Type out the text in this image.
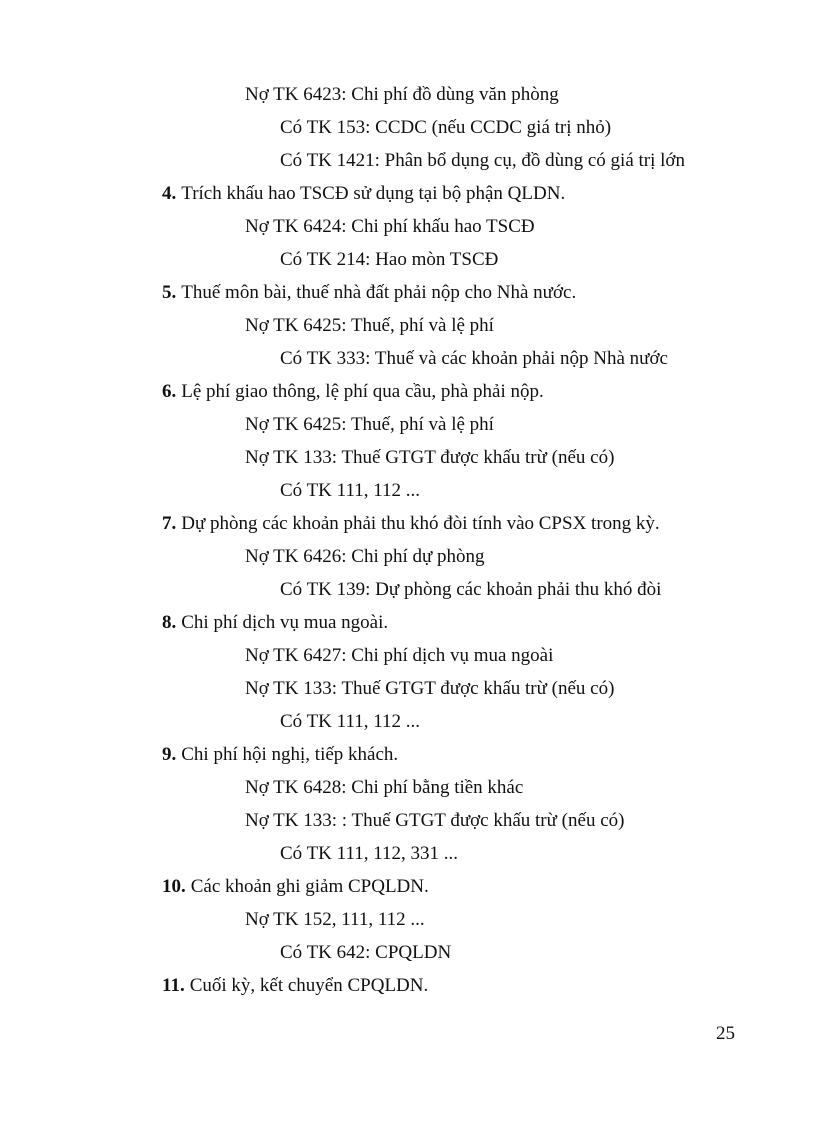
Nợ TK 6423: Chi phí đồ dùng văn phòng
Có TK 153: CCDC (nếu CCDC giá trị nhỏ)
Có TK 1421: Phân bổ dụng cụ, đồ dùng có giá trị lớn
4. Trích khấu hao TSCĐ sử dụng tại bộ phận QLDN.
Nợ TK 6424: Chi phí khấu hao TSCĐ
Có TK 214: Hao mòn TSCĐ
5. Thuế môn bài, thuế nhà đất phải nộp cho Nhà nước.
Nợ TK 6425: Thuế, phí và lệ phí
Có TK 333: Thuế và các khoản phải nộp Nhà nước
6. Lệ phí giao thông, lệ phí qua cầu, phà phải nộp.
Nợ TK 6425: Thuế, phí và lệ phí
Nợ TK 133: Thuế GTGT được khấu trừ (nếu có)
Có TK 111, 112 ...
7. Dự phòng các khoản phải thu khó đòi tính vào CPSX trong kỳ.
Nợ TK 6426: Chi phí dự phòng
Có TK 139: Dự phòng các khoản phải thu khó đòi
8. Chi phí dịch vụ mua ngoài.
Nợ TK 6427: Chi phí dịch vụ mua ngoài
Nợ TK 133: Thuế GTGT được khấu trừ (nếu có)
Có TK 111, 112 ...
9. Chi phí hội nghị, tiếp khách.
Nợ TK 6428: Chi phí bằng tiền khác
Nợ TK 133: : Thuế GTGT được khấu trừ (nếu có)
Có TK 111, 112, 331 ...
10. Các khoản ghi giảm CPQLDN.
Nợ TK 152, 111, 112 ...
Có TK 642: CPQLDN
11. Cuối kỳ, kết chuyển CPQLDN.
25
